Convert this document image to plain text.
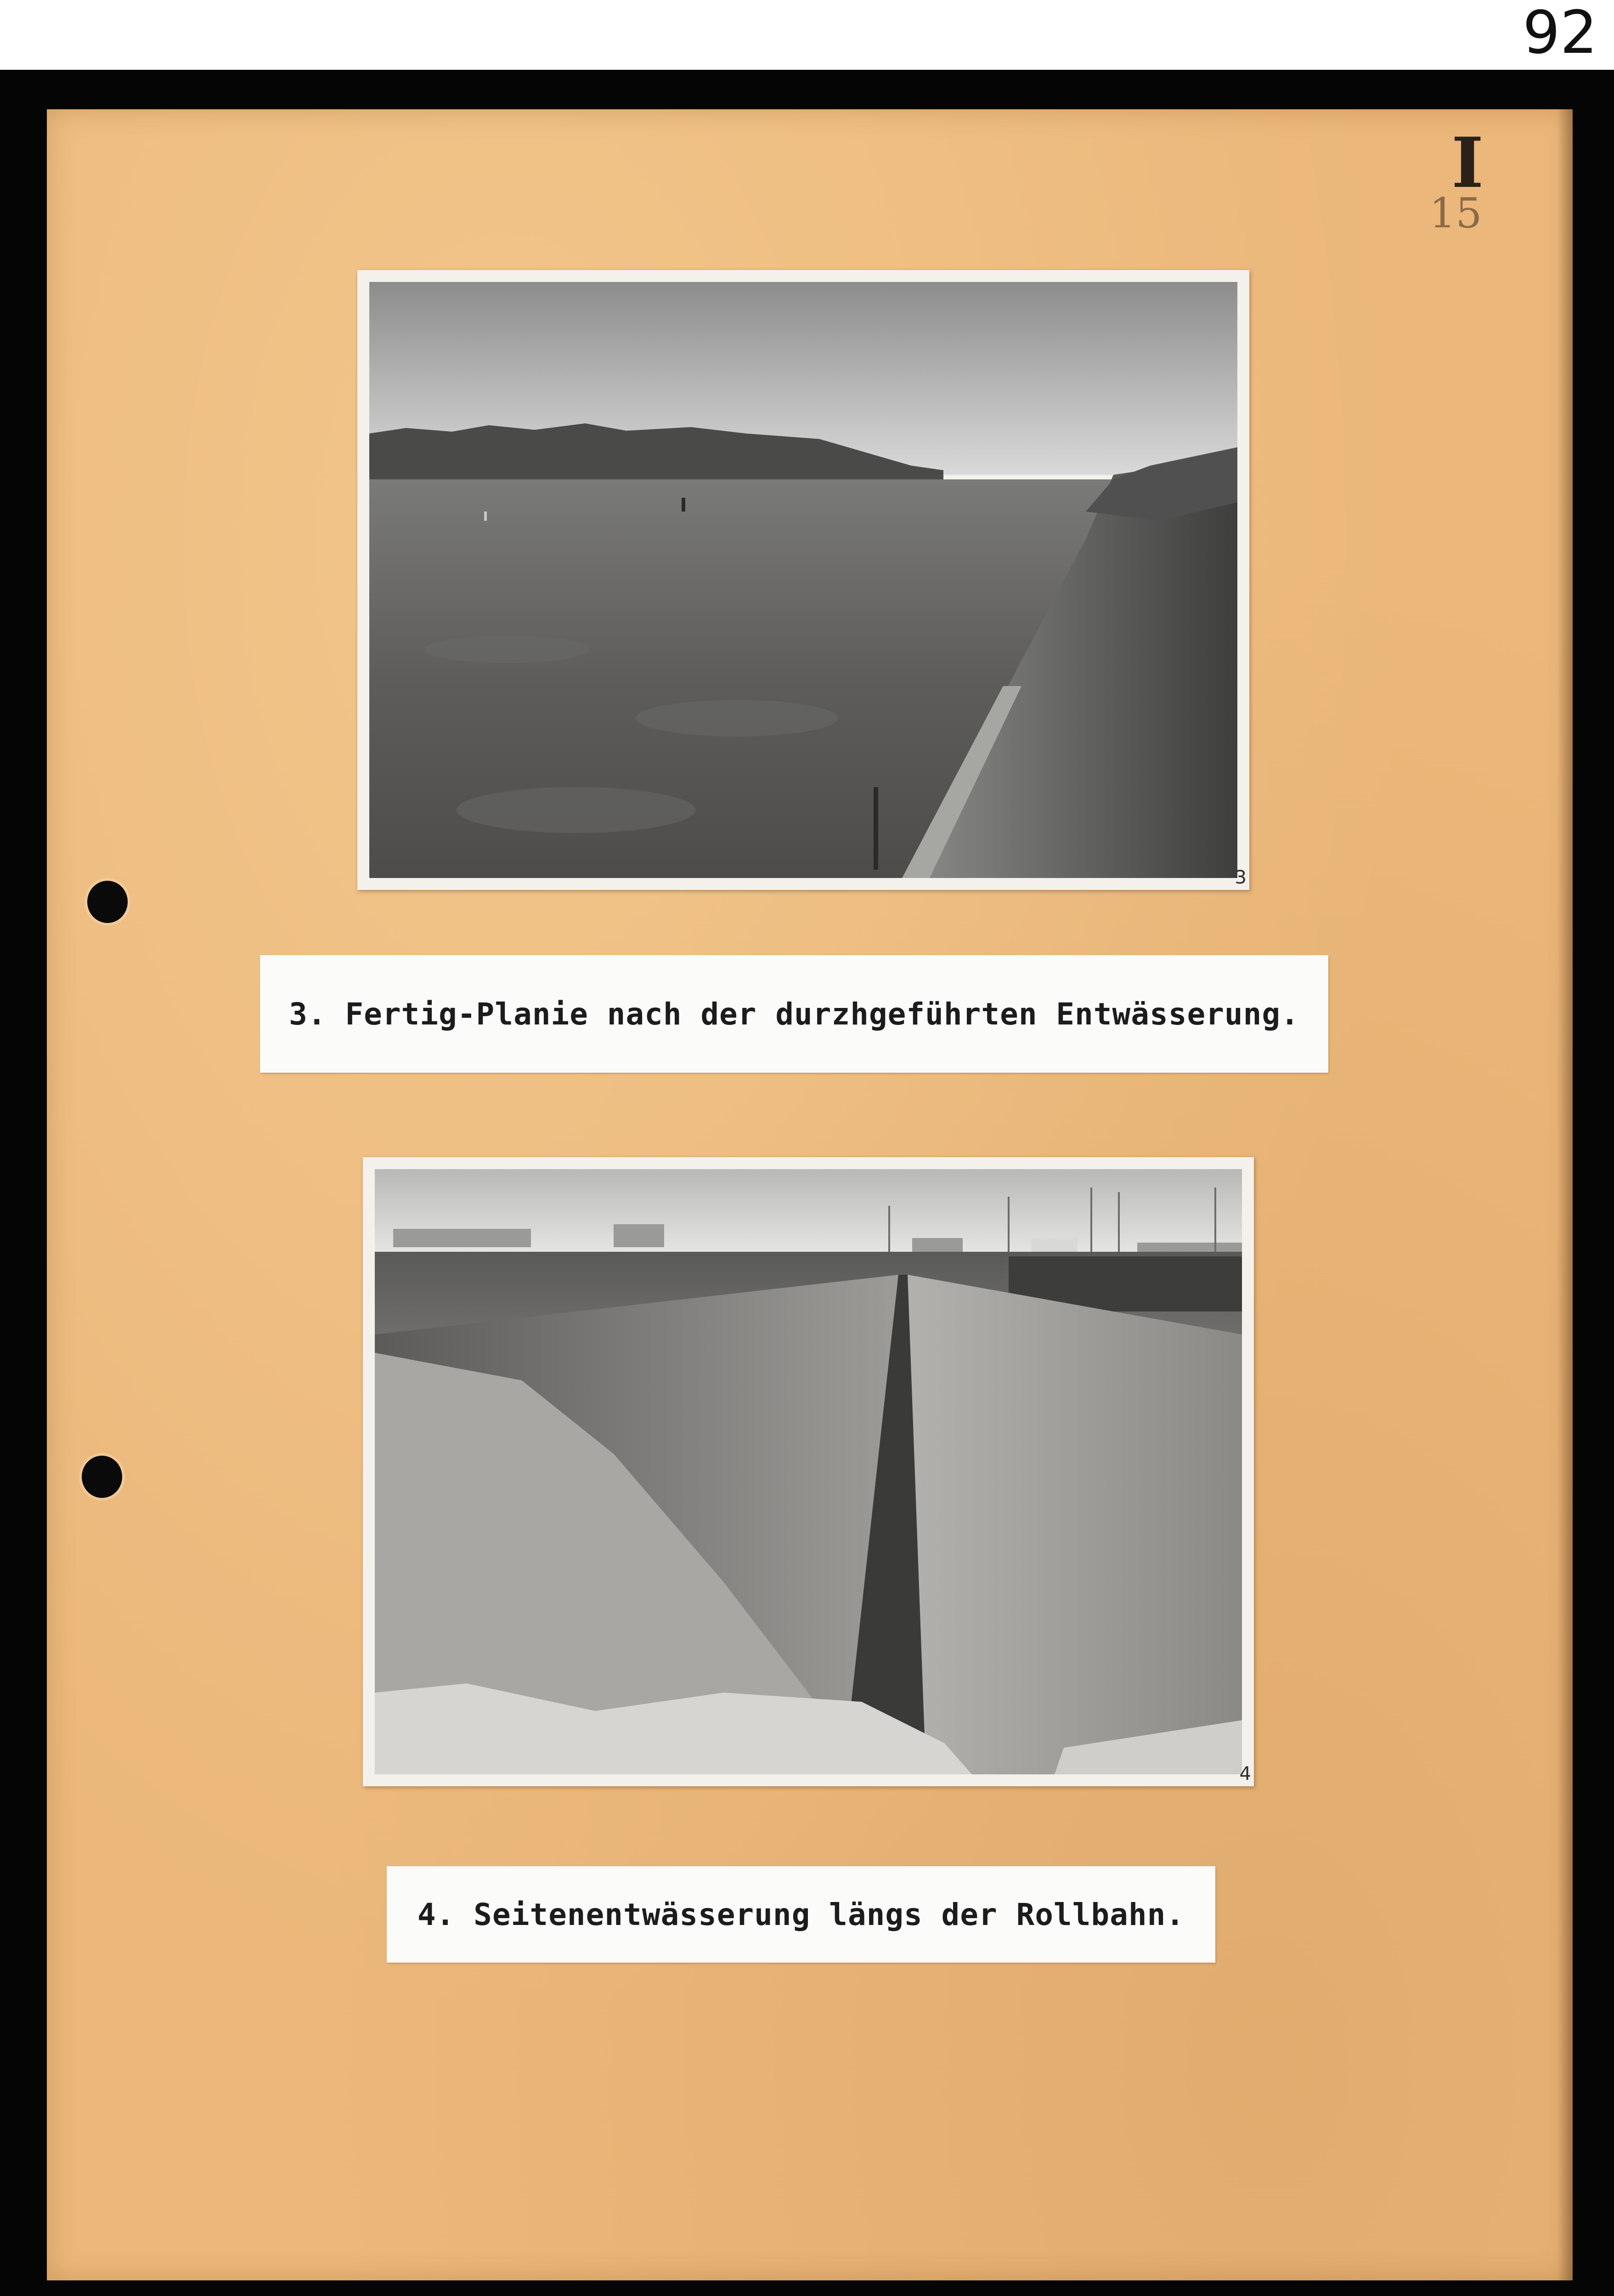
92
I
15
3
3. Fertig-Planie nach der durzhgeführten Entwässerung.
4
4. Seitenentwässerung längs der Rollbahn.
